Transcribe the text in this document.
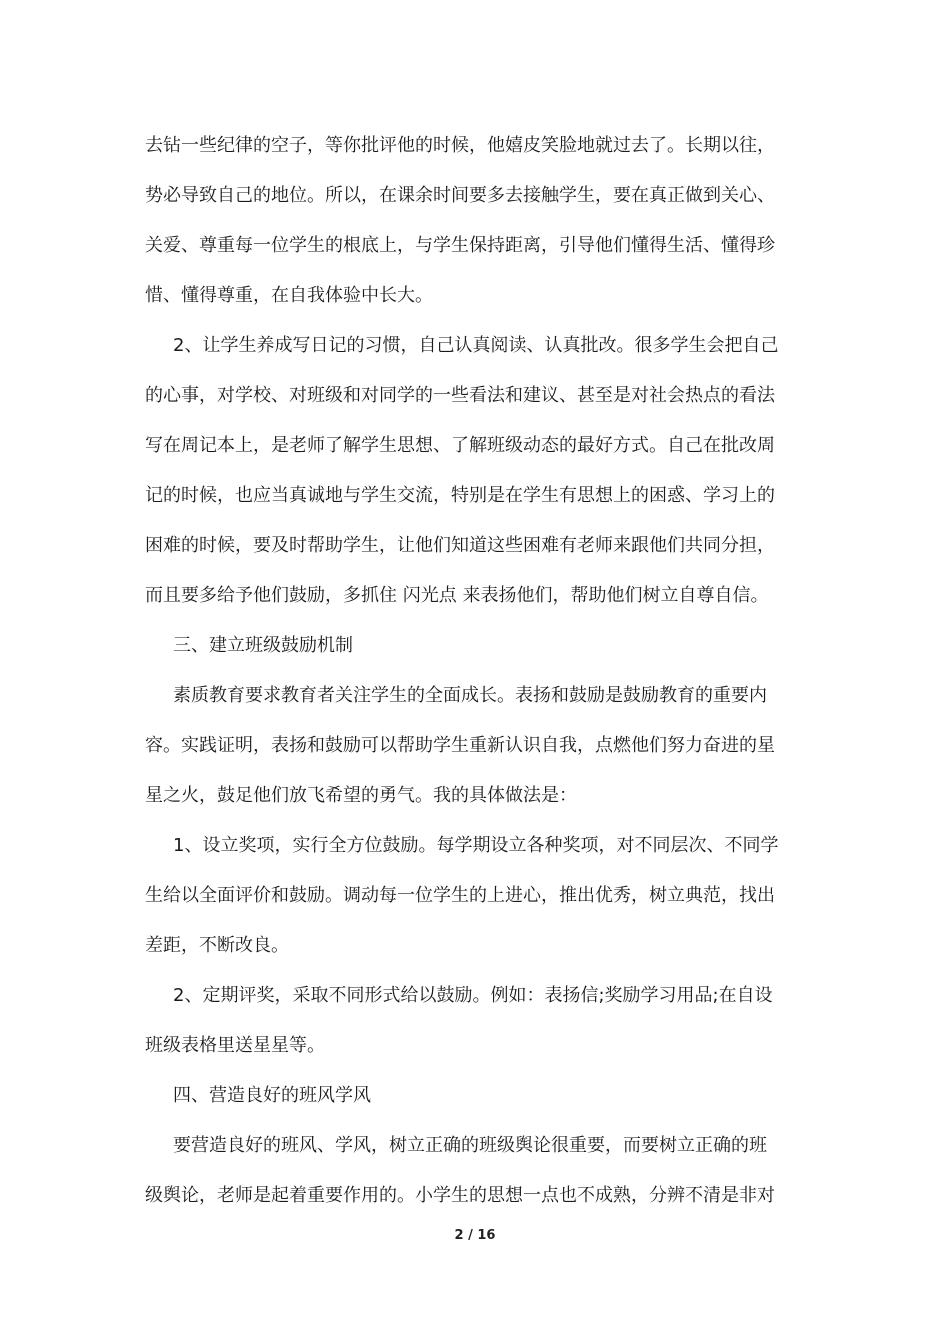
去钻一些纪律的空子，等你批评他的时候，他嬉皮笑脸地就过去了。长期以往，
势必导致自己的地位。所以，在课余时间要多去接触学生，要在真正做到关心、
关爱、尊重每一位学生的根底上，与学生保持距离，引导他们懂得生活、懂得珍
惜、懂得尊重，在自我体验中长大。
2、让学生养成写日记的习惯，自己认真阅读、认真批改。很多学生会把自己
的心事，对学校、对班级和对同学的一些看法和建议、甚至是对社会热点的看法
写在周记本上，是老师了解学生思想、了解班级动态的最好方式。自己在批改周
记的时候，也应当真诚地与学生交流，特别是在学生有思想上的困惑、学习上的
困难的时候，要及时帮助学生，让他们知道这些困难有老师来跟他们共同分担，
而且要多给予他们鼓励，多抓住 闪光点 来表扬他们，帮助他们树立自尊自信。
三、建立班级鼓励机制
素质教育要求教育者关注学生的全面成长。表扬和鼓励是鼓励教育的重要内
容。实践证明，表扬和鼓励可以帮助学生重新认识自我，点燃他们努力奋进的星
星之火，鼓足他们放飞希望的勇气。我的具体做法是：
1、设立奖项，实行全方位鼓励。每学期设立各种奖项，对不同层次、不同学
生给以全面评价和鼓励。调动每一位学生的上进心，推出优秀，树立典范，找出
差距，不断改良。
2、定期评奖，采取不同形式给以鼓励。例如：表扬信;奖励学习用品;在自设
班级表格里送星星等。
四、营造良好的班风学风
要营造良好的班风、学风，树立正确的班级舆论很重要，而要树立正确的班
级舆论，老师是起着重要作用的。小学生的思想一点也不成熟，分辨不清是非对
2 / 16
